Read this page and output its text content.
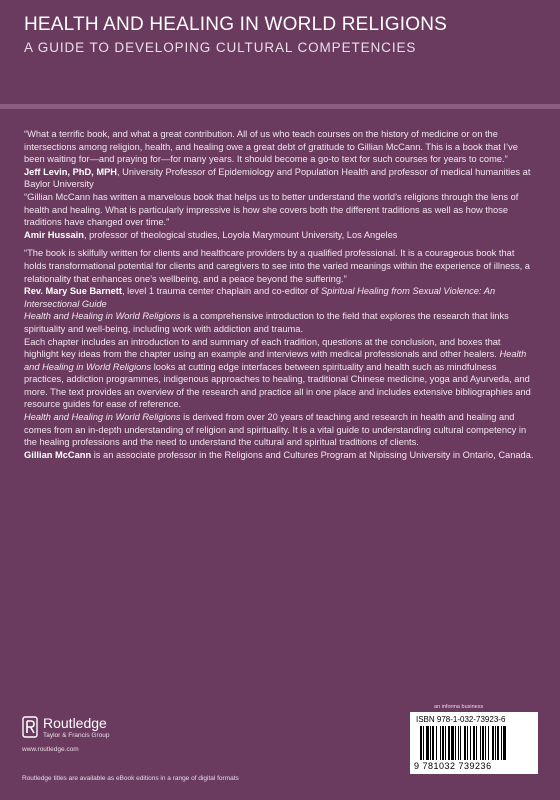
HEALTH AND HEALING IN WORLD RELIGIONS
A GUIDE TO DEVELOPING CULTURAL COMPETENCIES

“What a terrific book, and what a great contribution. All of us who teach courses on the history of medicine or on the intersections among religion, health, and healing owe a great debt of gratitude to Gillian McCann. This is a book that I’ve been waiting for—and praying for—for many years. It should become a go-to text for such courses for years to come.”

Jeff Levin, PhD, MPH, University Professor of Epidemiology and Population Health and professor of medical humanities at Baylor University

“Gillian McCann has written a marvelous book that helps us to better understand the world’s religions through the lens of health and healing. What is particularly impressive is how she covers both the different traditions as well as how those traditions have changed over time.”

Amir Hussain, professor of theological studies, Loyola Marymount University, Los Angeles

“The book is skilfully written for clients and healthcare providers by a qualified professional. It is a courageous book that holds transformational potential for clients and caregivers to see into the varied meanings within the experience of illness, a relationality that enhances one’s wellbeing, and a peace beyond the suffering.”

Rev. Mary Sue Barnett, level 1 trauma center chaplain and co-editor of Spiritual Healing from Sexual Violence: An Intersectional Guide

Health and Healing in World Religions is a comprehensive introduction to the field that explores the research that links spirituality and well-being, including work with addiction and trauma.

Each chapter includes an introduction to and summary of each tradition, questions at the conclusion, and boxes that highlight key ideas from the chapter using an example and interviews with medical professionals and other healers. Health and Healing in World Religions looks at cutting edge interfaces between spirituality and health such as mindfulness practices, addiction programmes, indigenous approaches to healing, traditional Chinese medicine, yoga and Ayurveda, and more. The text provides an overview of the research and practice all in one place and includes extensive bibliographies and resource guides for ease of reference.

Health and Healing in World Religions is derived from over 20 years of teaching and research in health and healing and comes from an in-depth understanding of religion and spirituality. It is a vital guide to understanding cultural competency in the healing professions and the need to understand the cultural and spiritual traditions of clients.

Gillian McCann is an associate professor in the Religions and Cultures Program at Nipissing University in Ontario, Canada.

Routledge
Taylor & Francis Group
www.routledge.com
Routledge titles are available as eBook editions in a range of digital formats
an informa business
ISBN 978-1-032-73923-6
9 781032 739236
